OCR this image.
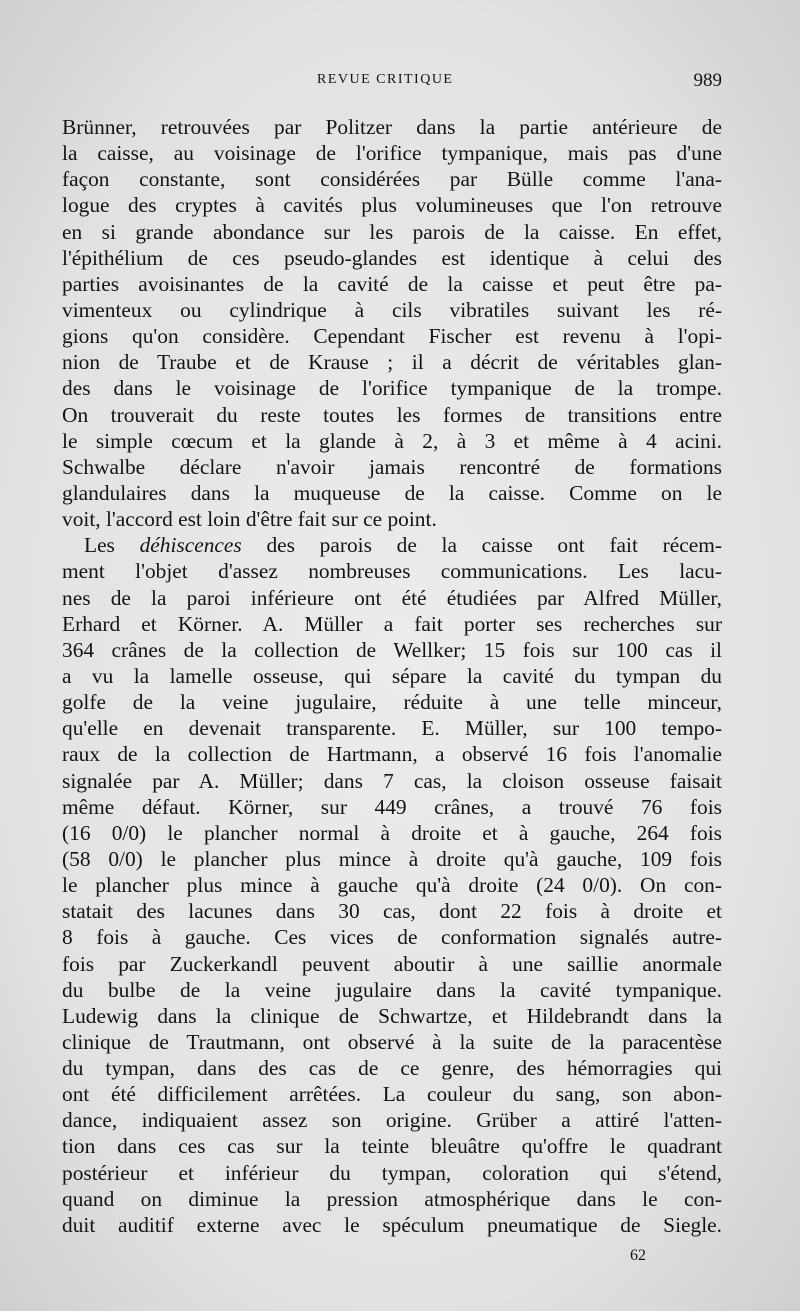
REVUE CRITIQUE	989
Brünner, retrouvées par Politzer dans la partie antérieure de
la caisse, au voisinage de l'orifice tympanique, mais pas d'une
façon constante, sont considérées par Bülle comme l'ana-
logue des cryptes à cavités plus volumineuses que l'on retrouve
en si grande abondance sur les parois de la caisse. En effet,
l'épithélium de ces pseudo-glandes est identique à celui des
parties avoisinantes de la cavité de la caisse et peut être pa-
vimenteux ou cylindrique à cils vibratiles suivant les ré-
gions qu'on considère. Cependant Fischer est revenu à l'opi-
nion de Traube et de Krause ; il a décrit de véritables glan-
des dans le voisinage de l'orifice tympanique de la trompe.
On trouverait du reste toutes les formes de transitions entre
le simple cœcum et la glande à 2, à 3 et même à 4 acini.
Schwalbe déclare n'avoir jamais rencontré de formations
glandulaires dans la muqueuse de la caisse. Comme on le
voit, l'accord est loin d'être fait sur ce point.
Les déhiscences des parois de la caisse ont fait récem-
ment l'objet d'assez nombreuses communications. Les lacu-
nes de la paroi inférieure ont été étudiées par Alfred Müller,
Erhard et Körner. A. Müller a fait porter ses recherches sur
364 crânes de la collection de Wellker; 15 fois sur 100 cas il
a vu la lamelle osseuse, qui sépare la cavité du tympan du
golfe de la veine jugulaire, réduite à une telle minceur,
qu'elle en devenait transparente. E. Müller, sur 100 tempo-
raux de la collection de Hartmann, a observé 16 fois l'anomalie
signalée par A. Müller; dans 7 cas, la cloison osseuse faisait
même défaut. Körner, sur 449 crânes, a trouvé 76 fois
(16 0/0) le plancher normal à droite et à gauche, 264 fois
(58 0/0) le plancher plus mince à droite qu'à gauche, 109 fois
le plancher plus mince à gauche qu'à droite (24 0/0). On con-
statait des lacunes dans 30 cas, dont 22 fois à droite et
8 fois à gauche. Ces vices de conformation signalés autre-
fois par Zuckerkandl peuvent aboutir à une saillie anormale
du bulbe de la veine jugulaire dans la cavité tympanique.
Ludewig dans la clinique de Schwartze, et Hildebrandt dans la
clinique de Trautmann, ont observé à la suite de la paracentèse
du tympan, dans des cas de ce genre, des hémorragies qui
ont été difficilement arrêtées. La couleur du sang, son abon-
dance, indiquaient assez son origine. Grüber a attiré l'atten-
tion dans ces cas sur la teinte bleuâtre qu'offre le quadrant
postérieur et inférieur du tympan, coloration qui s'étend,
quand on diminue la pression atmosphérique dans le con-
duit auditif externe avec le spéculum pneumatique de Siegle.
62
